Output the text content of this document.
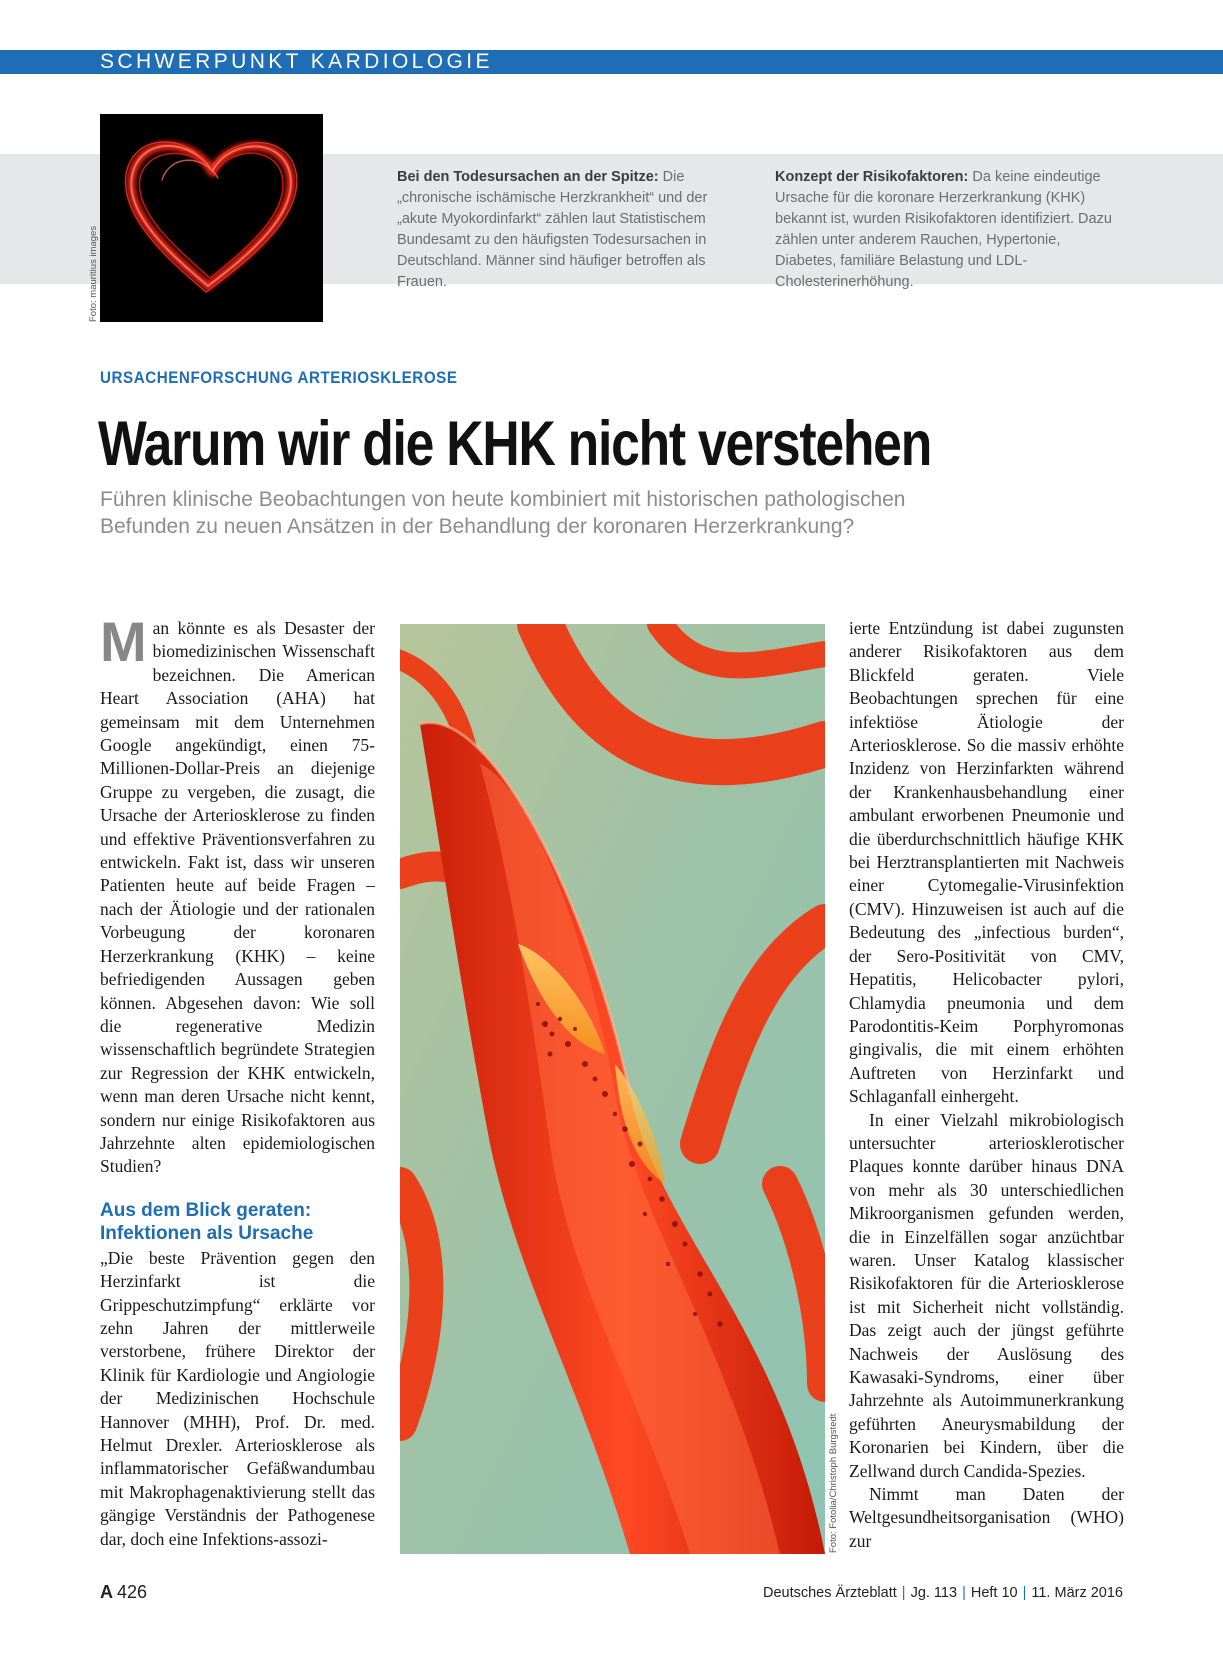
SCHWERPUNKT KARDIOLOGIE
Foto: mauritius images
Bei den Todesursachen an der Spitze: Die „chronische ischämische Herzkrankheit“ und der „akute Myokordinfarkt“ zählen laut Statistischem Bundesamt zu den häufigsten Todesursachen in Deutschland. Männer sind häufiger betroffen als Frauen.
Konzept der Risikofaktoren: Da keine eindeutige Ursache für die koronare Herzerkrankung (KHK) bekannt ist, wurden Risikofaktoren identifiziert. Dazu zählen unter anderem Rauchen, Hypertonie, Diabetes, familiäre Belastung und LDL-Cholesterinerhöhung.
URSACHENFORSCHUNG ARTERIOSKLEROSE
Warum wir die KHK nicht verstehen
Führen klinische Beobachtungen von heute kombiniert mit historischen pathologischen Befunden zu neuen Ansätzen in der Behandlung der koronaren Herzerkrankung?

Man könnte es als Desaster der biomedizinischen Wissenschaft bezeichnen. Die American Heart Association (AHA) hat gemeinsam mit dem Unternehmen Google angekündigt, einen 75-Millionen-Dollar-Preis an diejenige Gruppe zu vergeben, die zusagt, die Ursache der Arteriosklerose zu finden und effektive Präventionsverfahren zu entwickeln. Fakt ist, dass wir unseren Patienten heute auf beide Fragen – nach der Ätiologie und der rationalen Vorbeugung der koronaren Herzerkrankung (KHK) – keine befriedigenden Aussagen geben können. Abgesehen davon: Wie soll die regenerative Medizin wissenschaftlich begründete Strategien zur Regression der KHK entwickeln, wenn man deren Ursache nicht kennt, sondern nur einige Risikofaktoren aus Jahrzehnte alten epidemiologischen Studien?

Aus dem Blick geraten: Infektionen als Ursache

„Die beste Prävention gegen den Herzinfarkt ist die Grippeschutzimpfung“ erklärte vor zehn Jahren der mittlerweile verstorbene, frühere Direktor der Klinik für Kardiologie und Angiologie der Medizinischen Hochschule Hannover (MHH), Prof. Dr. med. Helmut Drexler. Arteriosklerose als inflammatorischer Gefäßwandumbau mit Makrophagenaktivierung stellt das gängige Verständnis der Pathogenese dar, doch eine Infektions-assozi-	Foto: Fotolia/Christoph Burgstedt

ierte Entzündung ist dabei zugunsten anderer Risikofaktoren aus dem Blickfeld geraten. Viele Beobachtungen sprechen für eine infektiöse Ätiologie der Arteriosklerose. So die massiv erhöhte Inzidenz von Herzinfarkten während der Krankenhausbehandlung einer ambulant erworbenen Pneumonie und die überdurchschnittlich häufige KHK bei Herztransplantierten mit Nachweis einer Cytomegalie-Virusinfektion (CMV). Hinzuweisen ist auch auf die Bedeutung des „infectious burden“, der Sero-Positivität von CMV, Hepatitis, Helicobacter pylori, Chlamydia pneumonia und dem Parodontitis-Keim Porphyromonas gingivalis, die mit einem erhöhten Auftreten von Herzinfarkt und Schlaganfall einhergeht.

In einer Vielzahl mikrobiologisch untersuchter arteriosklerotischer Plaques konnte darüber hinaus DNA von mehr als 30 unterschiedlichen Mikroorganismen gefunden werden, die in Einzelfällen sogar anzüchtbar waren. Unser Katalog klassischer Risikofaktoren für die Arteriosklerose ist mit Sicherheit nicht vollständig. Das zeigt auch der jüngst geführte Nachweis der Auslösung des Kawasaki-Syndroms, einer über Jahrzehnte als Autoimmunerkrankung geführten Aneurysmabildung der Koronarien bei Kindern, über die Zellwand durch Candida-Spezies.

Nimmt man Daten der Weltgesundheitsorganisation (WHO) zur

A 426	Deutsches Ärzteblatt | Jg. 113 | Heft 10 | 11. März 2016
